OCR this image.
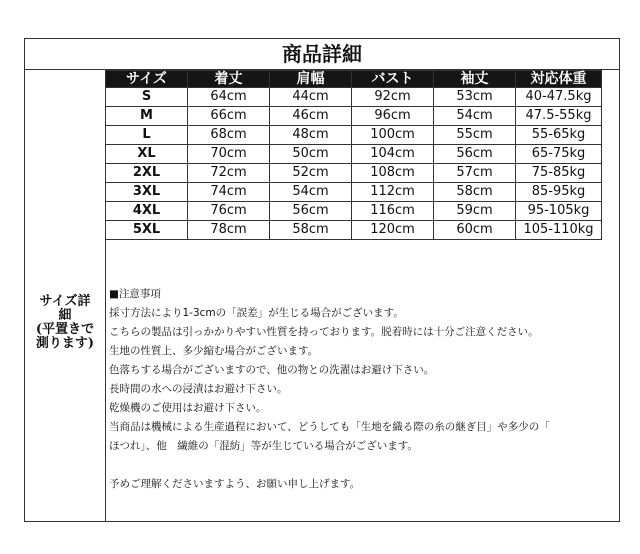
商品詳細
サイズ詳
細
(平置きで
測ります)
サイズ	着丈	肩幅	バスト	袖丈	対応体重
S	64cm	44cm	92cm	53cm	40-47.5kg
M	66cm	46cm	96cm	54cm	47.5-55kg
L	68cm	48cm	100cm	55cm	55-65kg
XL	70cm	50cm	104cm	56cm	65-75kg
2XL	72cm	52cm	108cm	57cm	75-85kg
3XL	74cm	54cm	112cm	58cm	85-95kg
4XL	76cm	56cm	116cm	59cm	95-105kg
5XL	78cm	58cm	120cm	60cm	105-110kg
■注意事項
採寸方法により1-3cmの「誤差」が生じる場合がございます。
こちらの製品は引っかかりやすい性質を持っております。脱着時には十分ご注意ください。
生地の性質上、多少縮む場合がございます。
色落ちする場合がございますので、他の物との洗濯はお避け下さい。
長時間の水への浸漬はお避け下さい。
乾燥機のご使用はお避け下さい。
当商品は機械による生産過程において、どうしても「生地を織る際の糸の継ぎ目」や多少の「
ほつれ」、他　繊維の「混紡」等が生じている場合がございます。
予めご理解くださいますよう、お願い申し上げます。
